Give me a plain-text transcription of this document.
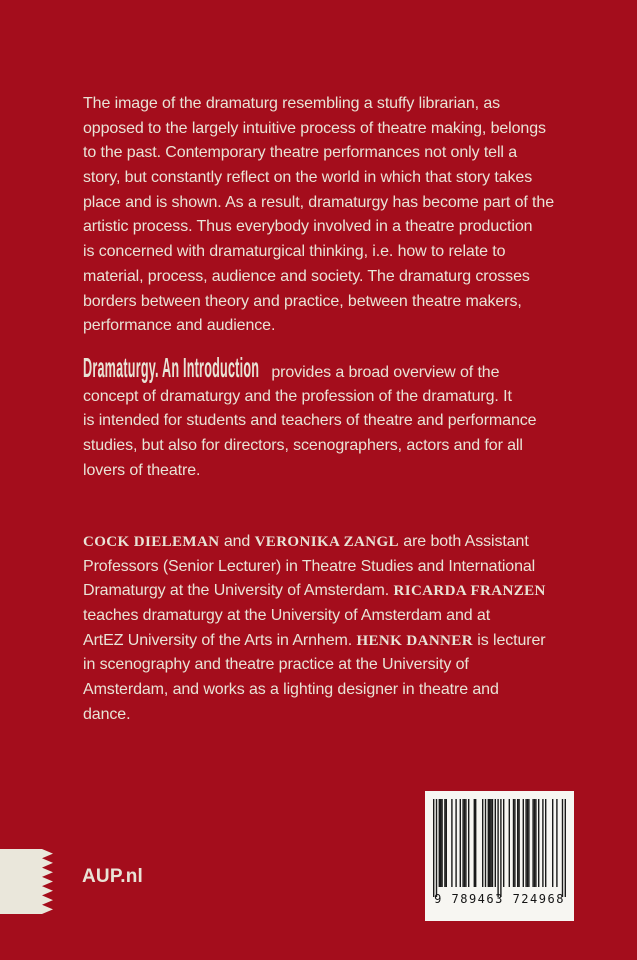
The image of the dramaturg resembling a stuffy librarian, as
opposed to the largely intuitive process of theatre making, belongs
to the past. Contemporary theatre performances not only tell a
story, but constantly reflect on the world in which that story takes
place and is shown. As a result, dramaturgy has become part of the
artistic process. Thus everybody involved in a theatre production
is concerned with dramaturgical thinking, i.e. how to relate to
material, process, audience and society. The dramaturg crosses
borders between theory and practice, between theatre makers,
performance and audience.
Dramaturgy. An Introduction provides a broad overview of the
concept of dramaturgy and the profession of the dramaturg. It
is intended for students and teachers of theatre and performance
studies, but also for directors, scenographers, actors and for all
lovers of theatre.
COCK DIELEMAN and VERONIKA ZANGL are both Assistant
Professors (Senior Lecturer) in Theatre Studies and International
Dramaturgy at the University of Amsterdam. RICARDA FRANZEN
teaches dramaturgy at the University of Amsterdam and at
ArtEZ University of the Arts in Arnhem. HENK DANNER is lecturer
in scenography and theatre practice at the University of
Amsterdam, and works as a lighting designer in theatre and
dance.
AUP.nl
9 789463 724968
